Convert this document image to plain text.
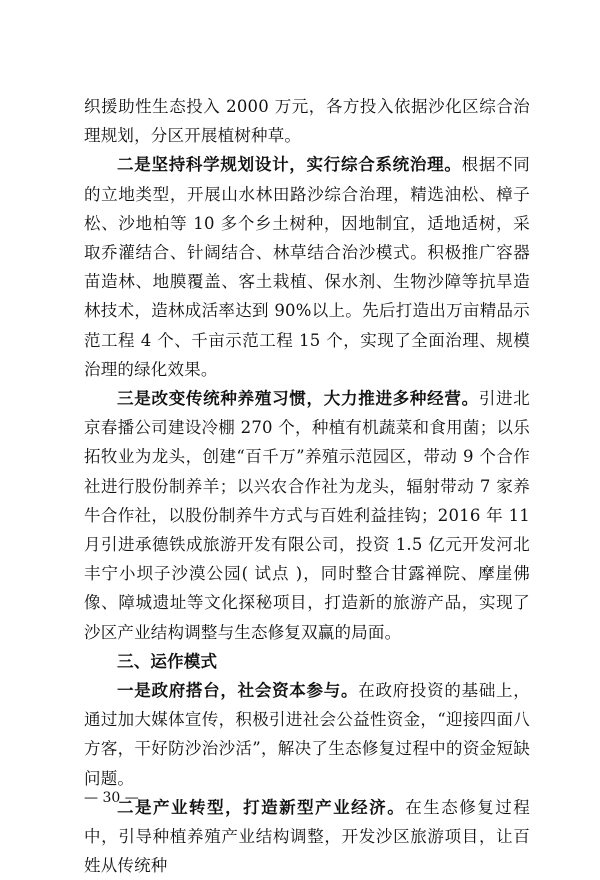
织援助性生态投入 2000 万元，各方投入依据沙化区综合治理规划，分区开展植树种草。

二是坚持科学规划设计，实行综合系统治理。根据不同的立地类型，开展山水林田路沙综合治理，精选油松、樟子松、沙地柏等 10 多个乡土树种，因地制宜，适地适树，采取乔灌结合、针阔结合、林草结合治沙模式。积极推广容器苗造林、地膜覆盖、客土栽植、保水剂、生物沙障等抗旱造林技术，造林成活率达到 90%以上。先后打造出万亩精品示范工程 4 个、千亩示范工程 15 个，实现了全面治理、规模治理的绿化效果。

三是改变传统种养殖习惯，大力推进多种经营。引进北京春播公司建设冷棚 270 个，种植有机蔬菜和食用菌；以乐拓牧业为龙头，创建“百千万”养殖示范园区，带动 9 个合作社进行股份制养羊；以兴农合作社为龙头，辐射带动 7 家养牛合作社，以股份制养牛方式与百姓利益挂钩；2016 年 11 月引进承德铁成旅游开发有限公司，投资 1.5 亿元开发河北丰宁小坝子沙漠公园( 试点 )，同时整合甘露禅院、摩崖佛像、障城遗址等文化探秘项目，打造新的旅游产品，实现了沙区产业结构调整与生态修复双赢的局面。

三、运作模式

一是政府搭台，社会资本参与。在政府投资的基础上，通过加大媒体宣传，积极引进社会公益性资金，“迎接四面八方客，干好防沙治沙活”，解决了生态修复过程中的资金短缺问题。

二是产业转型，打造新型产业经济。在生态修复过程中，引导种植养殖产业结构调整，开发沙区旅游项目，让百姓从传统种

— 30 —
